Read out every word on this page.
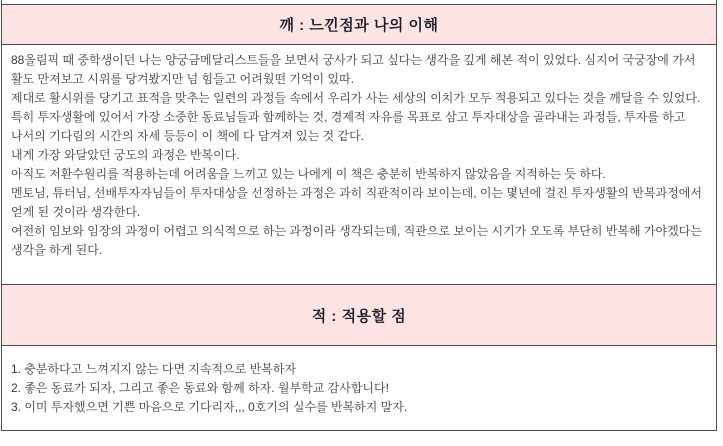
깨 : 느낀점과 나의 이해

88올림픽 때 중학생이던 나는 양궁금메달리스트들을 보면서 궁사가 되고 싶다는 생각을 깊게 해본 적이 있었다. 심지어 국궁장에 가서 활도 만져보고 시위를 당겨봤지만 넘 힘들고 어려웠떤 기억이 있따.

제대로 활시위를 당기고 표적을 맞추는 일련의 과정들 속에서 우리가 사는 세상의 이치가 모두 적용되고 있다는 것을 깨달을 수 있었다.

특히 투자생활에 있어서 가장 소중한 동료님들과 함께하는 것, 경제적 자유를 목표로 삼고 투자대상을 골라내는 과정들, 투자를 하고 나서의 기다림의 시간의 자세 등등이 이 책에 다 담겨져 있는 것 같다.

내게 가장 와달았던 궁도의 과정은 반복이다.

아직도 저환수원리를 적용하는데 어려움을 느끼고 있는 나에게 이 책은 충분히 반복하지 않았음을 지적하는 듯 하다.

멘토님, 튜터님, 선배투자자님들이 투자대상을 선정하는 과정은 과히 직관적이라 보이는데, 이는 몇년에 걸진 투자생활의 반복과정에서 얻게 된 것이라 생각한다.

여전히 임보와 임장의 과정이 어렵고 의식적으로 하는 과정이라 생각되는데, 직관으로 보이는 시기가 오도록 부단히 반복해 가야겠다는 생각을 하게 된다.

적 : 적용할 점

1. 충분하다고 느껴지지 않는 다면 지속적으로 반복하자

2. 좋은 동료가 되자, 그리고 좋은 동료와 함께 하자. 월부학교 감사합니다!

3. 이미 투자했으면 기쁜 마음으로 기다리자,,, 0호기의 실수를 반복하지 말자.
